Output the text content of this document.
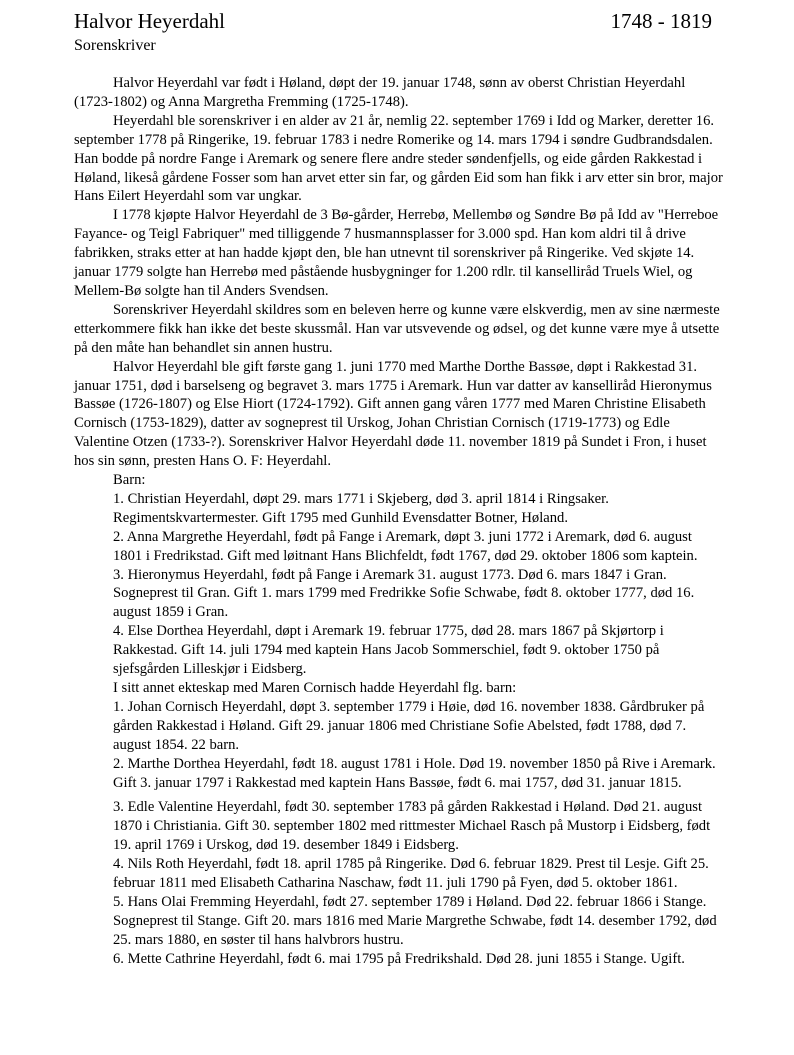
Halvor Heyerdahl	1748 - 1819
Sorenskriver

Halvor Heyerdahl var født i Høland, døpt der 19. januar 1748, sønn av oberst Christian Heyerdahl (1723-1802) og Anna Margretha Fremming (1725-1748).

Heyerdahl ble sorenskriver i en alder av 21 år, nemlig 22. september 1769 i Idd og Marker, deretter 16. september 1778 på Ringerike, 19. februar 1783 i nedre Romerike og 14. mars 1794 i søndre Gudbrandsdalen. Han bodde på nordre Fange i Aremark og senere flere andre steder søndenfjells, og eide gården Rakkestad i Høland, likeså gårdene Fosser som han arvet etter sin far, og gården Eid som han fikk i arv etter sin bror, major Hans Eilert Heyerdahl som var ungkar.

I 1778 kjøpte Halvor Heyerdahl de 3 Bø-gårder, Herrebø, Mellembø og Søndre Bø på Idd av "Herreboe Fayance- og Teigl Fabriquer" med tilliggende 7 husmannsplasser for 3.000 spd. Han kom aldri til å drive fabrikken, straks etter at han hadde kjøpt den, ble han utnevnt til sorenskriver på Ringerike. Ved skjøte 14. januar 1779 solgte han Herrebø med påstående husbygninger for 1.200 rdlr. til kanselliråd Truels Wiel, og Mellem-Bø solgte han til Anders Svendsen.

Sorenskriver Heyerdahl skildres som en beleven herre og kunne være elskverdig, men av sine nærmeste etterkommere fikk han ikke det beste skussmål. Han var utsvevende og ødsel, og det kunne være mye å utsette på den måte han behandlet sin annen hustru.

Halvor Heyerdahl ble gift første gang 1. juni 1770 med Marthe Dorthe Bassøe, døpt i Rakkestad 31. januar 1751, død i barselseng og begravet 3. mars 1775 i Aremark. Hun var datter av kanselliråd Hieronymus Bassøe (1726-1807) og Else Hiort (1724-1792). Gift annen gang våren 1777 med Maren Christine Elisabeth Cornisch (1753-1829), datter av sogneprest til Urskog, Johan Christian Cornisch (1719-1773) og Edle Valentine Otzen (1733-?). Sorenskriver Halvor Heyerdahl døde 11. november 1819 på Sundet i Fron, i huset hos sin sønn, presten Hans O. F: Heyerdahl.

Barn:

1. Christian Heyerdahl, døpt 29. mars 1771 i Skjeberg, død 3. april 1814 i Ringsaker. Regimentskvartermester. Gift 1795 med Gunhild Evensdatter Botner, Høland.

2. Anna Margrethe Heyerdahl, født på Fange i Aremark, døpt 3. juni 1772 i Aremark, død 6. august 1801 i Fredrikstad. Gift med løitnant Hans Blichfeldt, født 1767, død 29. oktober 1806 som kaptein.

3. Hieronymus Heyerdahl, født på Fange i Aremark 31. august 1773. Død 6. mars 1847 i Gran. Sogneprest til Gran. Gift 1. mars 1799 med Fredrikke Sofie Schwabe, født 8. oktober 1777, død 16. august 1859 i Gran.

4. Else Dorthea Heyerdahl, døpt i Aremark 19. februar 1775, død 28. mars 1867 på Skjørtorp i Rakkestad. Gift 14. juli 1794 med kaptein Hans Jacob Sommerschiel, født 9. oktober 1750 på sjefsgården Lilleskjør i Eidsberg.

I sitt annet ekteskap med Maren Cornisch hadde Heyerdahl flg. barn:

1. Johan Cornisch Heyerdahl, døpt 3. september 1779 i Høie, død 16. november 1838. Gårdbruker på gården Rakkestad i Høland. Gift 29. januar 1806 med Christiane Sofie Abelsted, født 1788, død 7. august 1854. 22 barn.

2. Marthe Dorthea Heyerdahl, født 18. august 1781 i Hole. Død 19. november 1850 på Rive i Aremark. Gift 3. januar 1797 i Rakkestad med kaptein Hans Bassøe, født 6. mai 1757, død 31. januar 1815.

3. Edle Valentine Heyerdahl, født 30. september 1783 på gården Rakkestad i Høland. Død 21. august 1870 i Christiania. Gift 30. september 1802 med rittmester Michael Rasch på Mustorp i Eidsberg, født 19. april 1769 i Urskog, død 19. desember 1849 i Eidsberg.

4. Nils Roth Heyerdahl, født 18. april 1785 på Ringerike. Død 6. februar 1829. Prest til Lesje. Gift 25. februar 1811 med Elisabeth Catharina Naschaw, født 11. juli 1790 på Fyen, død 5. oktober 1861.

5. Hans Olai Fremming Heyerdahl, født 27. september 1789 i Høland. Død 22. februar 1866 i Stange. Sogneprest til Stange. Gift 20. mars 1816 med Marie Margrethe Schwabe, født 14. desember 1792, død 25. mars 1880, en søster til hans halvbrors hustru.

6. Mette Cathrine Heyerdahl, født 6. mai 1795 på Fredrikshald. Død 28. juni 1855 i Stange. Ugift.
